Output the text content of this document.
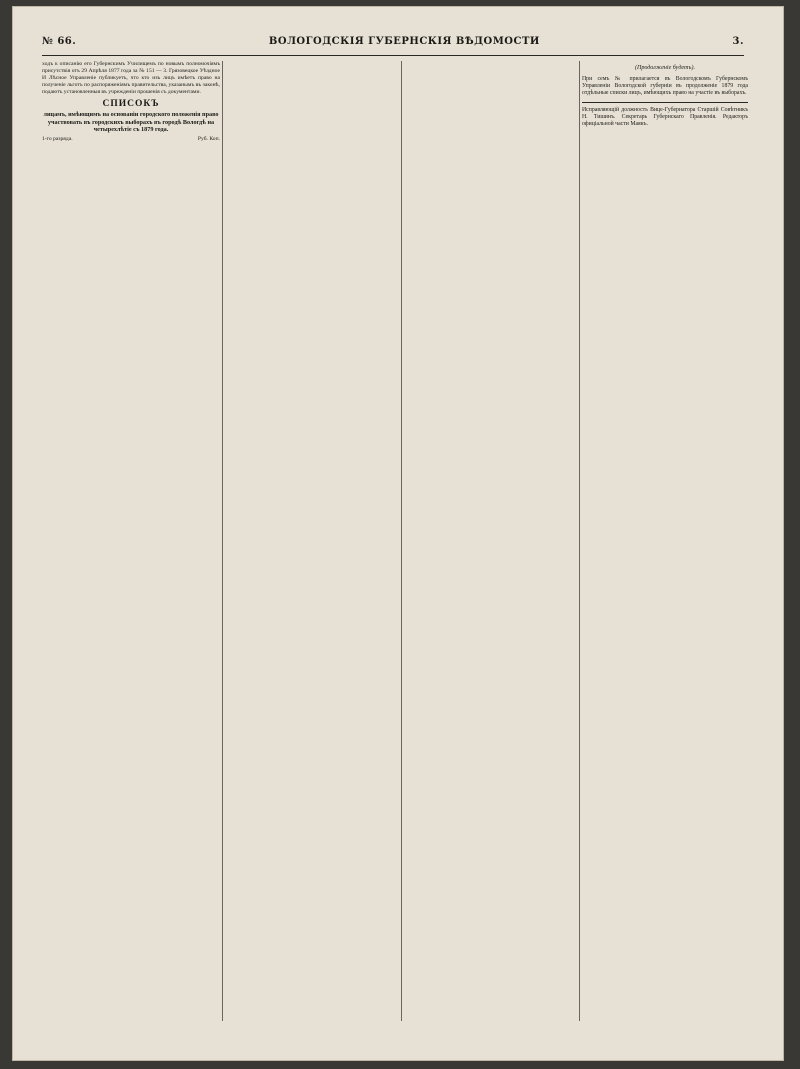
№ 66.	ВОЛОГОДСКІЯ ГУБЕРНСКІЯ ВѢДОМОСТИ	3.
ходъ к описанію его Губернскимъ Училищемъ по новымъ полномочіямъ присутствія отъ 29 Апрѣля 1877 года за № 151 — 3. Грязовецкое Уѣздное И Лѣсное Управленіе публикуетъ, что кто изъ лицъ имѣетъ право на полученіе льготъ по распоряженіямъ правительства, указанымъ въ законѣ, подаютъ установленныя въ учрежденіи прошенія съ документами.
СПИСОКЪ
лицамъ, имѣющимъ на основаніи городского положенія право участвовать въ городскихъ выборахъ въ городѣ Вологдѣ на четырехлѣтіе съ 1879 года.
1-го разряда.	Руб. Коп.
(Продолженіе будетъ).
При семъ № прилагается въ Вологодскомъ Губернскомъ Управленіи Вологодской губерніи въ продолженіе 1879 года отдѣльные списки лицъ, имѣющихъ право на участіе въ выборахъ.
Исправляющій должность Вице-Губернатора Старшій Совѣтникъ Н. Тишинъ. Секретарь Губернскаго Правленія. Редакторъ офиціальной части Маякъ.
